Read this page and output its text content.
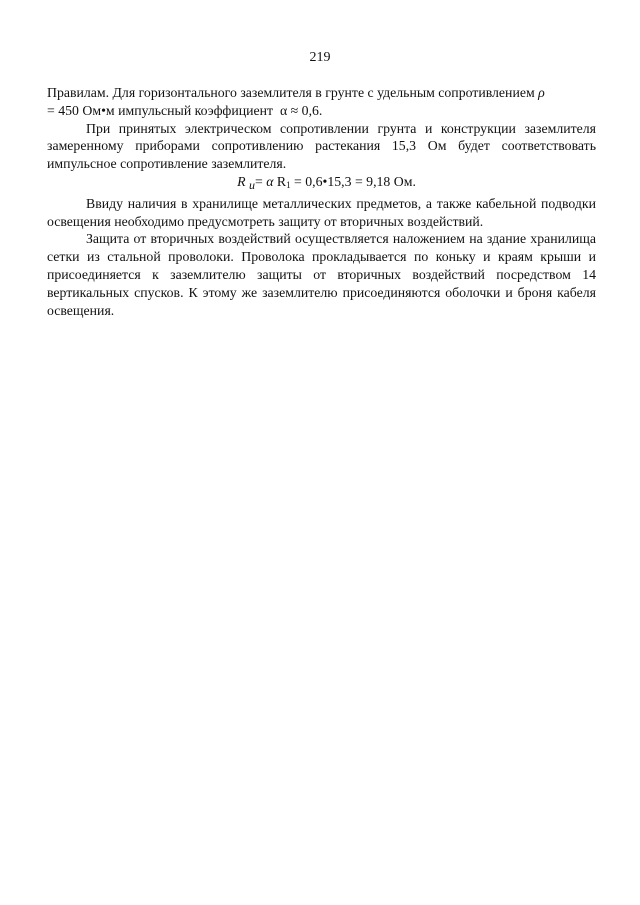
219

Правилам. Для горизонтального заземлителя в грунте с удельным сопротивлением ρ
= 450 Ом•м импульсный коэффициент α ≈ 0,6.

При принятых электрическом сопротивлении грунта и конструкции заземлителя замеренному приборами сопротивлению растекания 15,3 Ом будет соответствовать импульсное сопротивление заземлителя.

R u= α $R_1$ = 0,6•15,3 = 9,18 Ом.

Ввиду наличия в хранилище металлических предметов, а также кабельной подводки освещения необходимо предусмотреть защиту от вторичных воздействий.

Защита от вторичных воздействий осуществляется наложением на здание хранилища сетки из стальной проволоки. Проволока прокладывается по коньку и краям крыши и присоединяется к заземлителю защиты от вторичных воздействий посредством 14 вертикальных спусков. К этому же заземлителю присоединяются оболочки и броня кабеля освещения.
